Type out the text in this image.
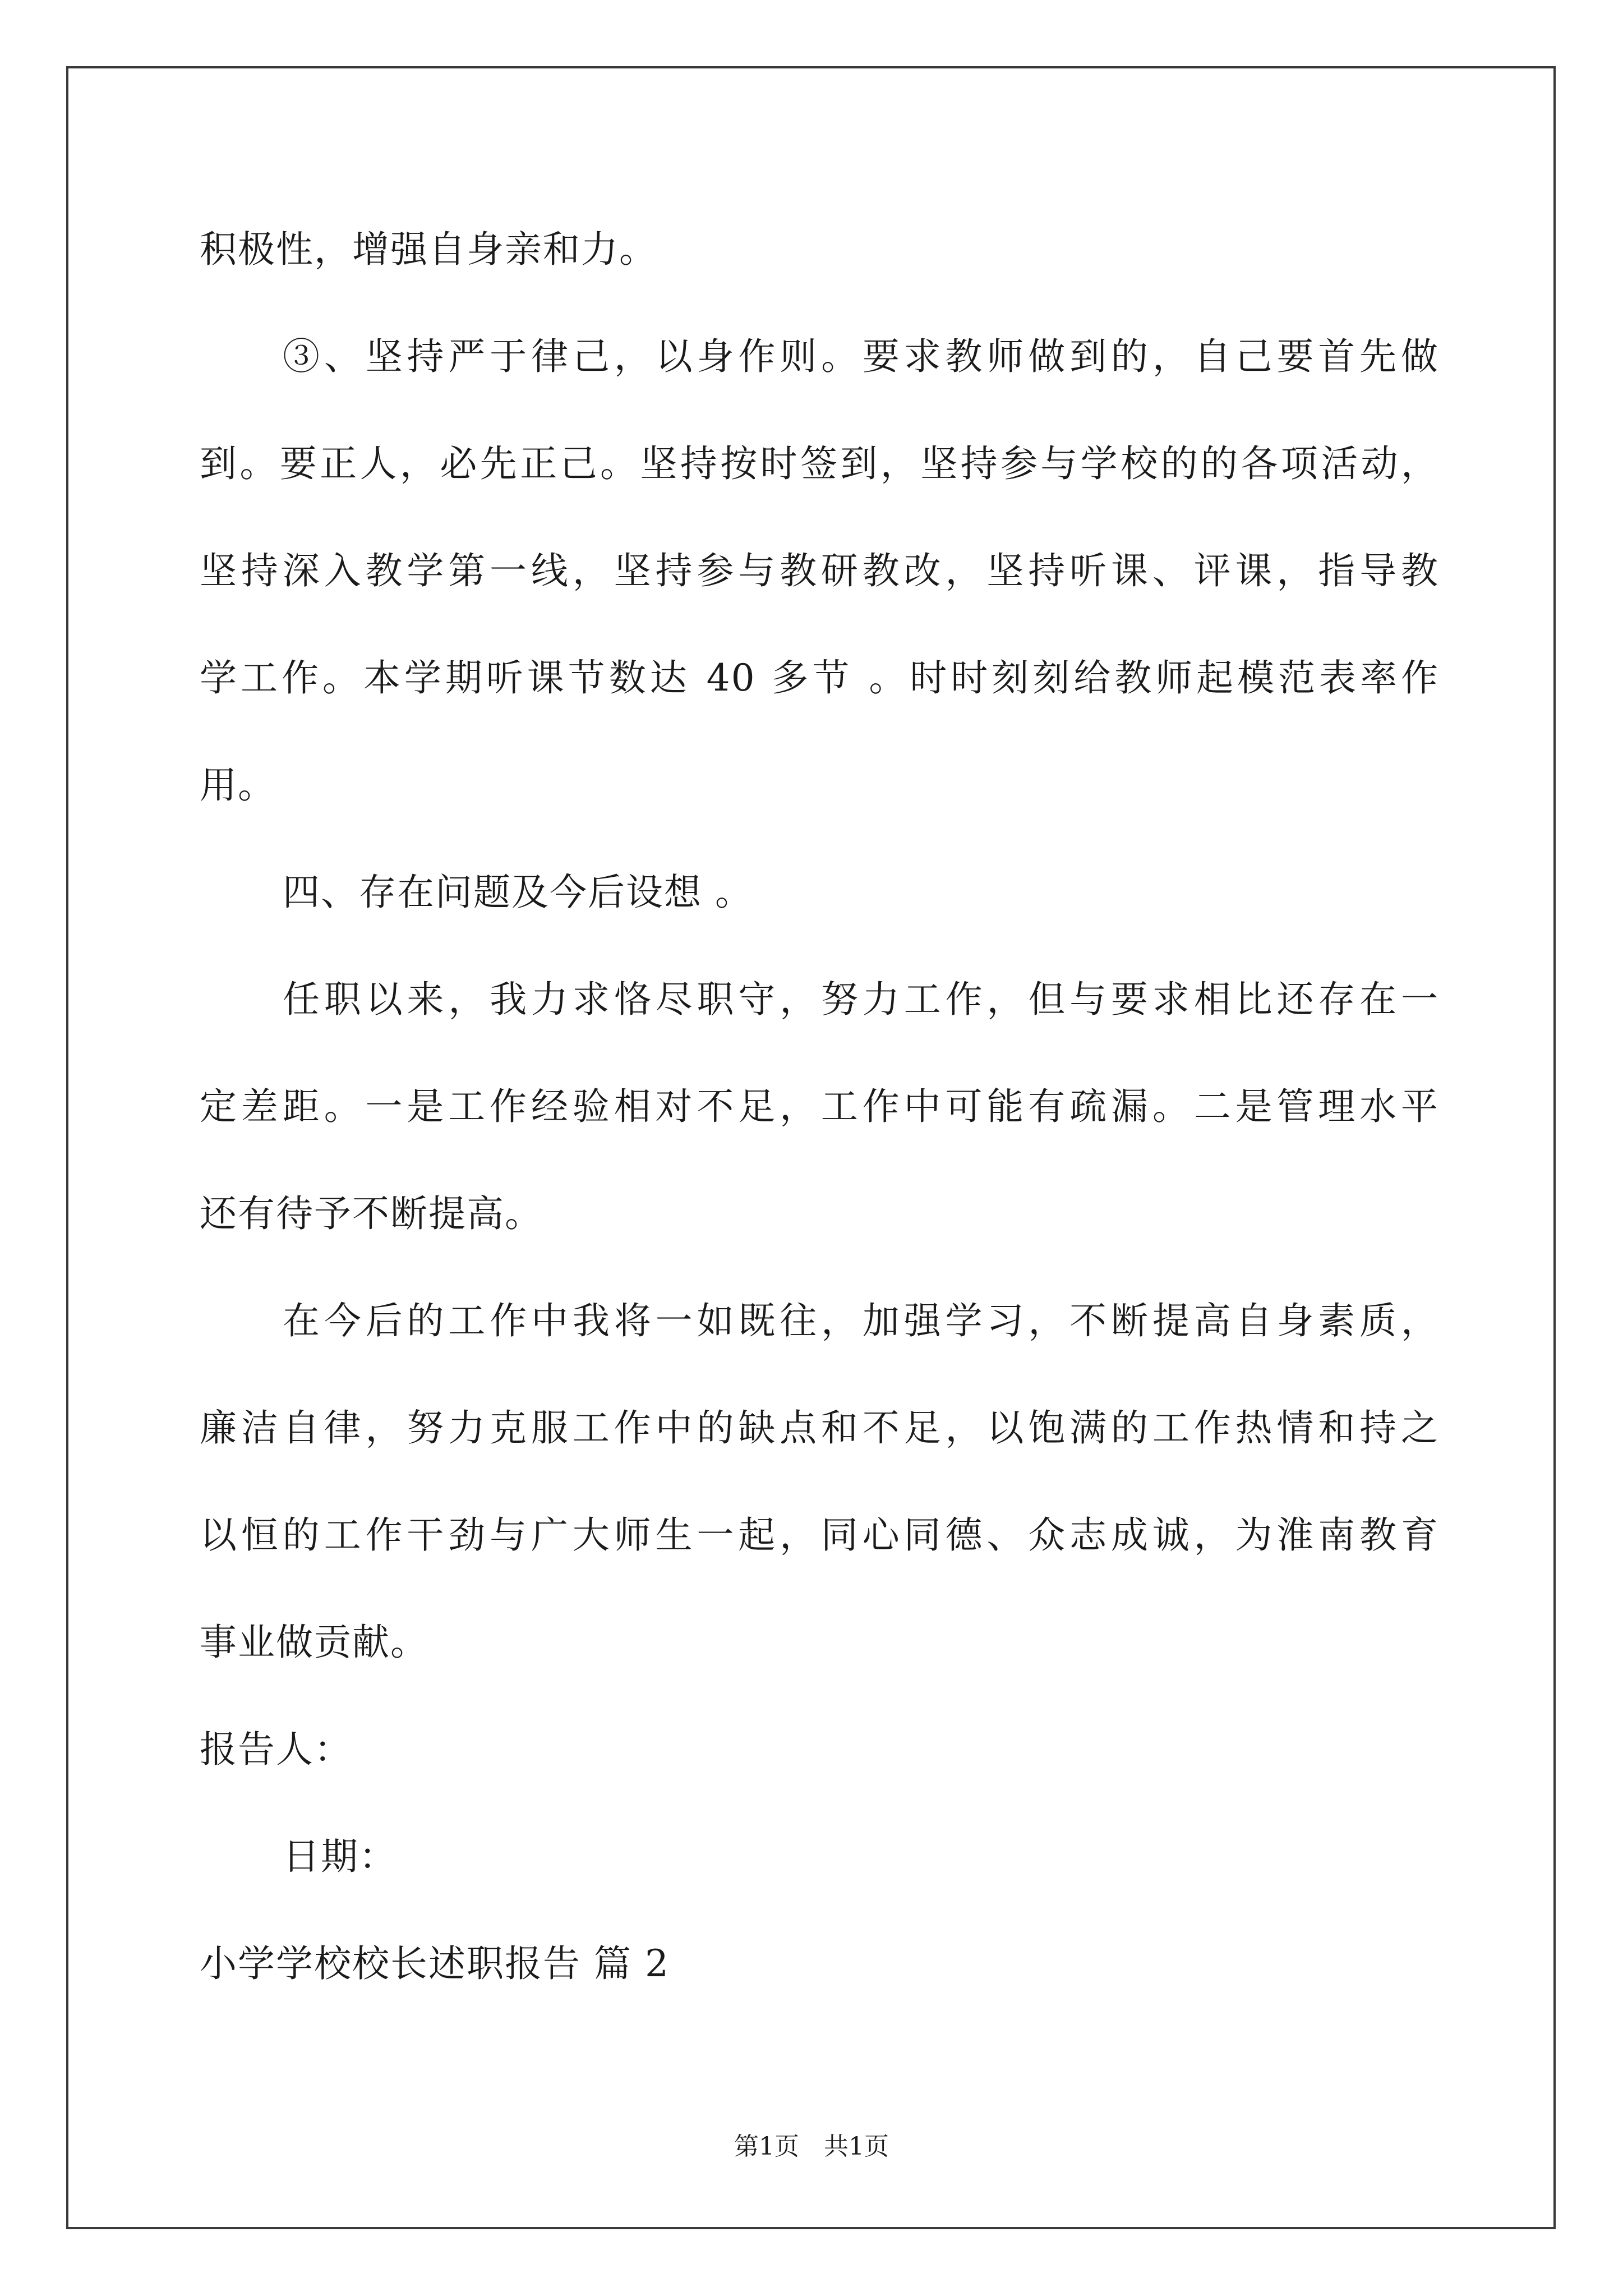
积极性，增强自身亲和力。

③、坚持严于律己，以身作则。要求教师做到的，自己要首先做

到。要正人，必先正己。坚持按时签到，坚持参与学校的的各项活动，

坚持深入教学第一线，坚持参与教研教改，坚持听课、评课，指导教

学工作。本学期听课节数达 40 多节 。时时刻刻给教师起模范表率作

用。

四、存在问题及今后设想 。

任职以来，我力求恪尽职守，努力工作，但与要求相比还存在一

定差距。一是工作经验相对不足，工作中可能有疏漏。二是管理水平

还有待予不断提高。

在今后的工作中我将一如既往，加强学习，不断提高自身素质，

廉洁自律，努力克服工作中的缺点和不足，以饱满的工作热情和持之

以恒的工作干劲与广大师生一起，同心同德、众志成诚，为淮南教育

事业做贡献。

报告人：

日期：

小学学校校长述职报告 篇 2

第1页　共1页
